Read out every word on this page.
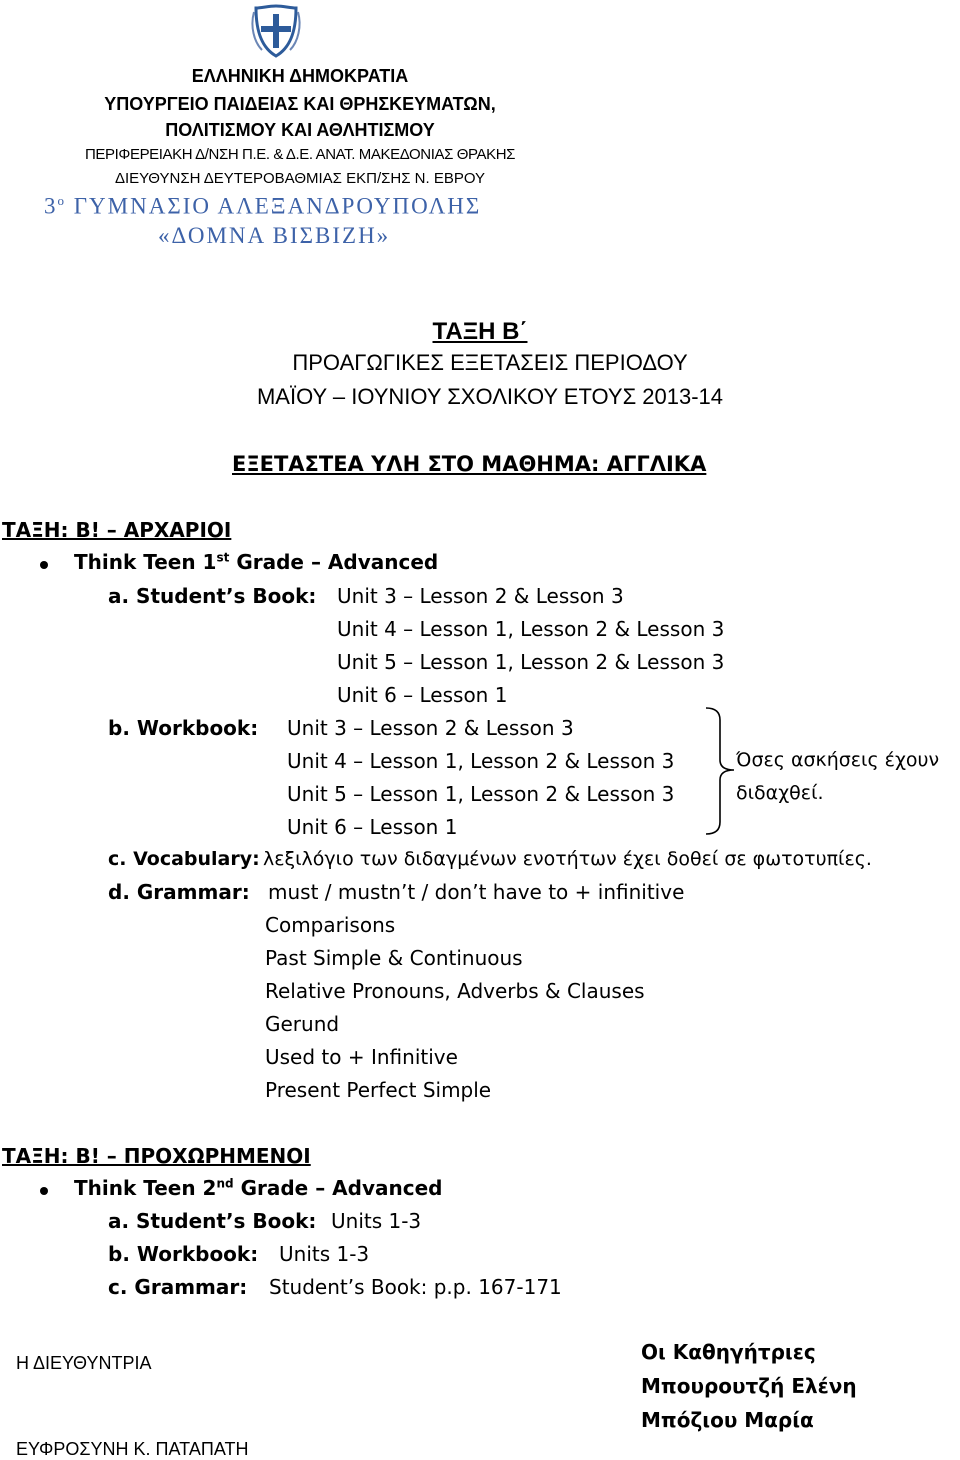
ΕΛΛΗΝΙΚΗ ΔΗΜΟΚΡΑΤΙΑ
ΥΠΟΥΡΓΕΙΟ ΠΑΙΔΕΙΑΣ ΚΑΙ ΘΡΗΣΚΕΥΜΑΤΩΝ,
ΠΟΛΙΤΙΣΜΟΥ ΚΑΙ ΑΘΛΗΤΙΣΜΟΥ
ΠΕΡΙΦΕΡΕΙΑΚΗ Δ/ΝΣΗ Π.Ε. & Δ.Ε. ΑΝΑΤ. ΜΑΚΕΔΟΝΙΑΣ ΘΡΑΚΗΣ
ΔΙΕΥΘΥΝΣΗ ΔΕΥΤΕΡΟΒΑΘΜΙΑΣ ΕΚΠ/ΣΗΣ Ν. ΕΒΡΟΥ
$3^o$ ΓΥΜΝΑΣΙΟ ΑΛΕΞΑΝΔΡΟΥΠΟΛΗΣ
«ΔΟΜΝΑ ΒΙΣΒΙΖΗ»
ΤΑΞΗ Β΄
ΠΡΟΑΓΩΓΙΚΕΣ ΕΞΕΤΑΣΕΙΣ ΠΕΡΙΟΔΟΥ
ΜΑΪΟΥ – ΙΟΥΝΙΟΥ ΣΧΟΛΙΚΟΥ ΕΤΟΥΣ 2013-14
ΕΞΕΤΑΣΤΕΑ ΥΛΗ ΣΤΟ ΜΑΘΗΜΑ: ΑΓΓΛΙΚΑ
ΤΑΞΗ: Β! – ΑΡΧΑΡΙΟΙ
Think Teen 1st Grade – Advanced
a. Student’s Book: Unit 3 – Lesson 2 & Lesson 3
Unit 4 – Lesson 1, Lesson 2 & Lesson 3
Unit 5 – Lesson 1, Lesson 2 & Lesson 3
Unit 6 – Lesson 1
b. Workbook: Unit 3 – Lesson 2 & Lesson 3
Unit 4 – Lesson 1, Lesson 2 & Lesson 3
Unit 5 – Lesson 1, Lesson 2 & Lesson 3
Unit 6 – Lesson 1
Όσες ασκήσεις έχουν
διδαχθεί.
c. Vocabulary: λεξιλόγιο των διδαγμένων ενοτήτων έχει δοθεί σε φωτοτυπίες.
d. Grammar: must / mustn’t / don’t have to + infinitive
Comparisons
Past Simple & Continuous
Relative Pronouns, Adverbs & Clauses
Gerund
Used to + Infinitive
Present Perfect Simple
ΤΑΞΗ: Β! – ΠΡΟΧΩΡΗΜΕΝΟΙ
Think Teen 2nd Grade – Advanced
a. Student’s Book: Units 1-3
b. Workbook: Units 1-3
c. Grammar: Student’s Book: p.p. 167-171
Η ΔΙΕΥΘΥΝΤΡΙΑ
ΕΥΦΡΟΣΥΝΗ Κ. ΠΑΤΑΠΑΤΗ
Οι Καθηγήτριες
Μπουρουτζή Ελένη
Μπόζιου Μαρία
